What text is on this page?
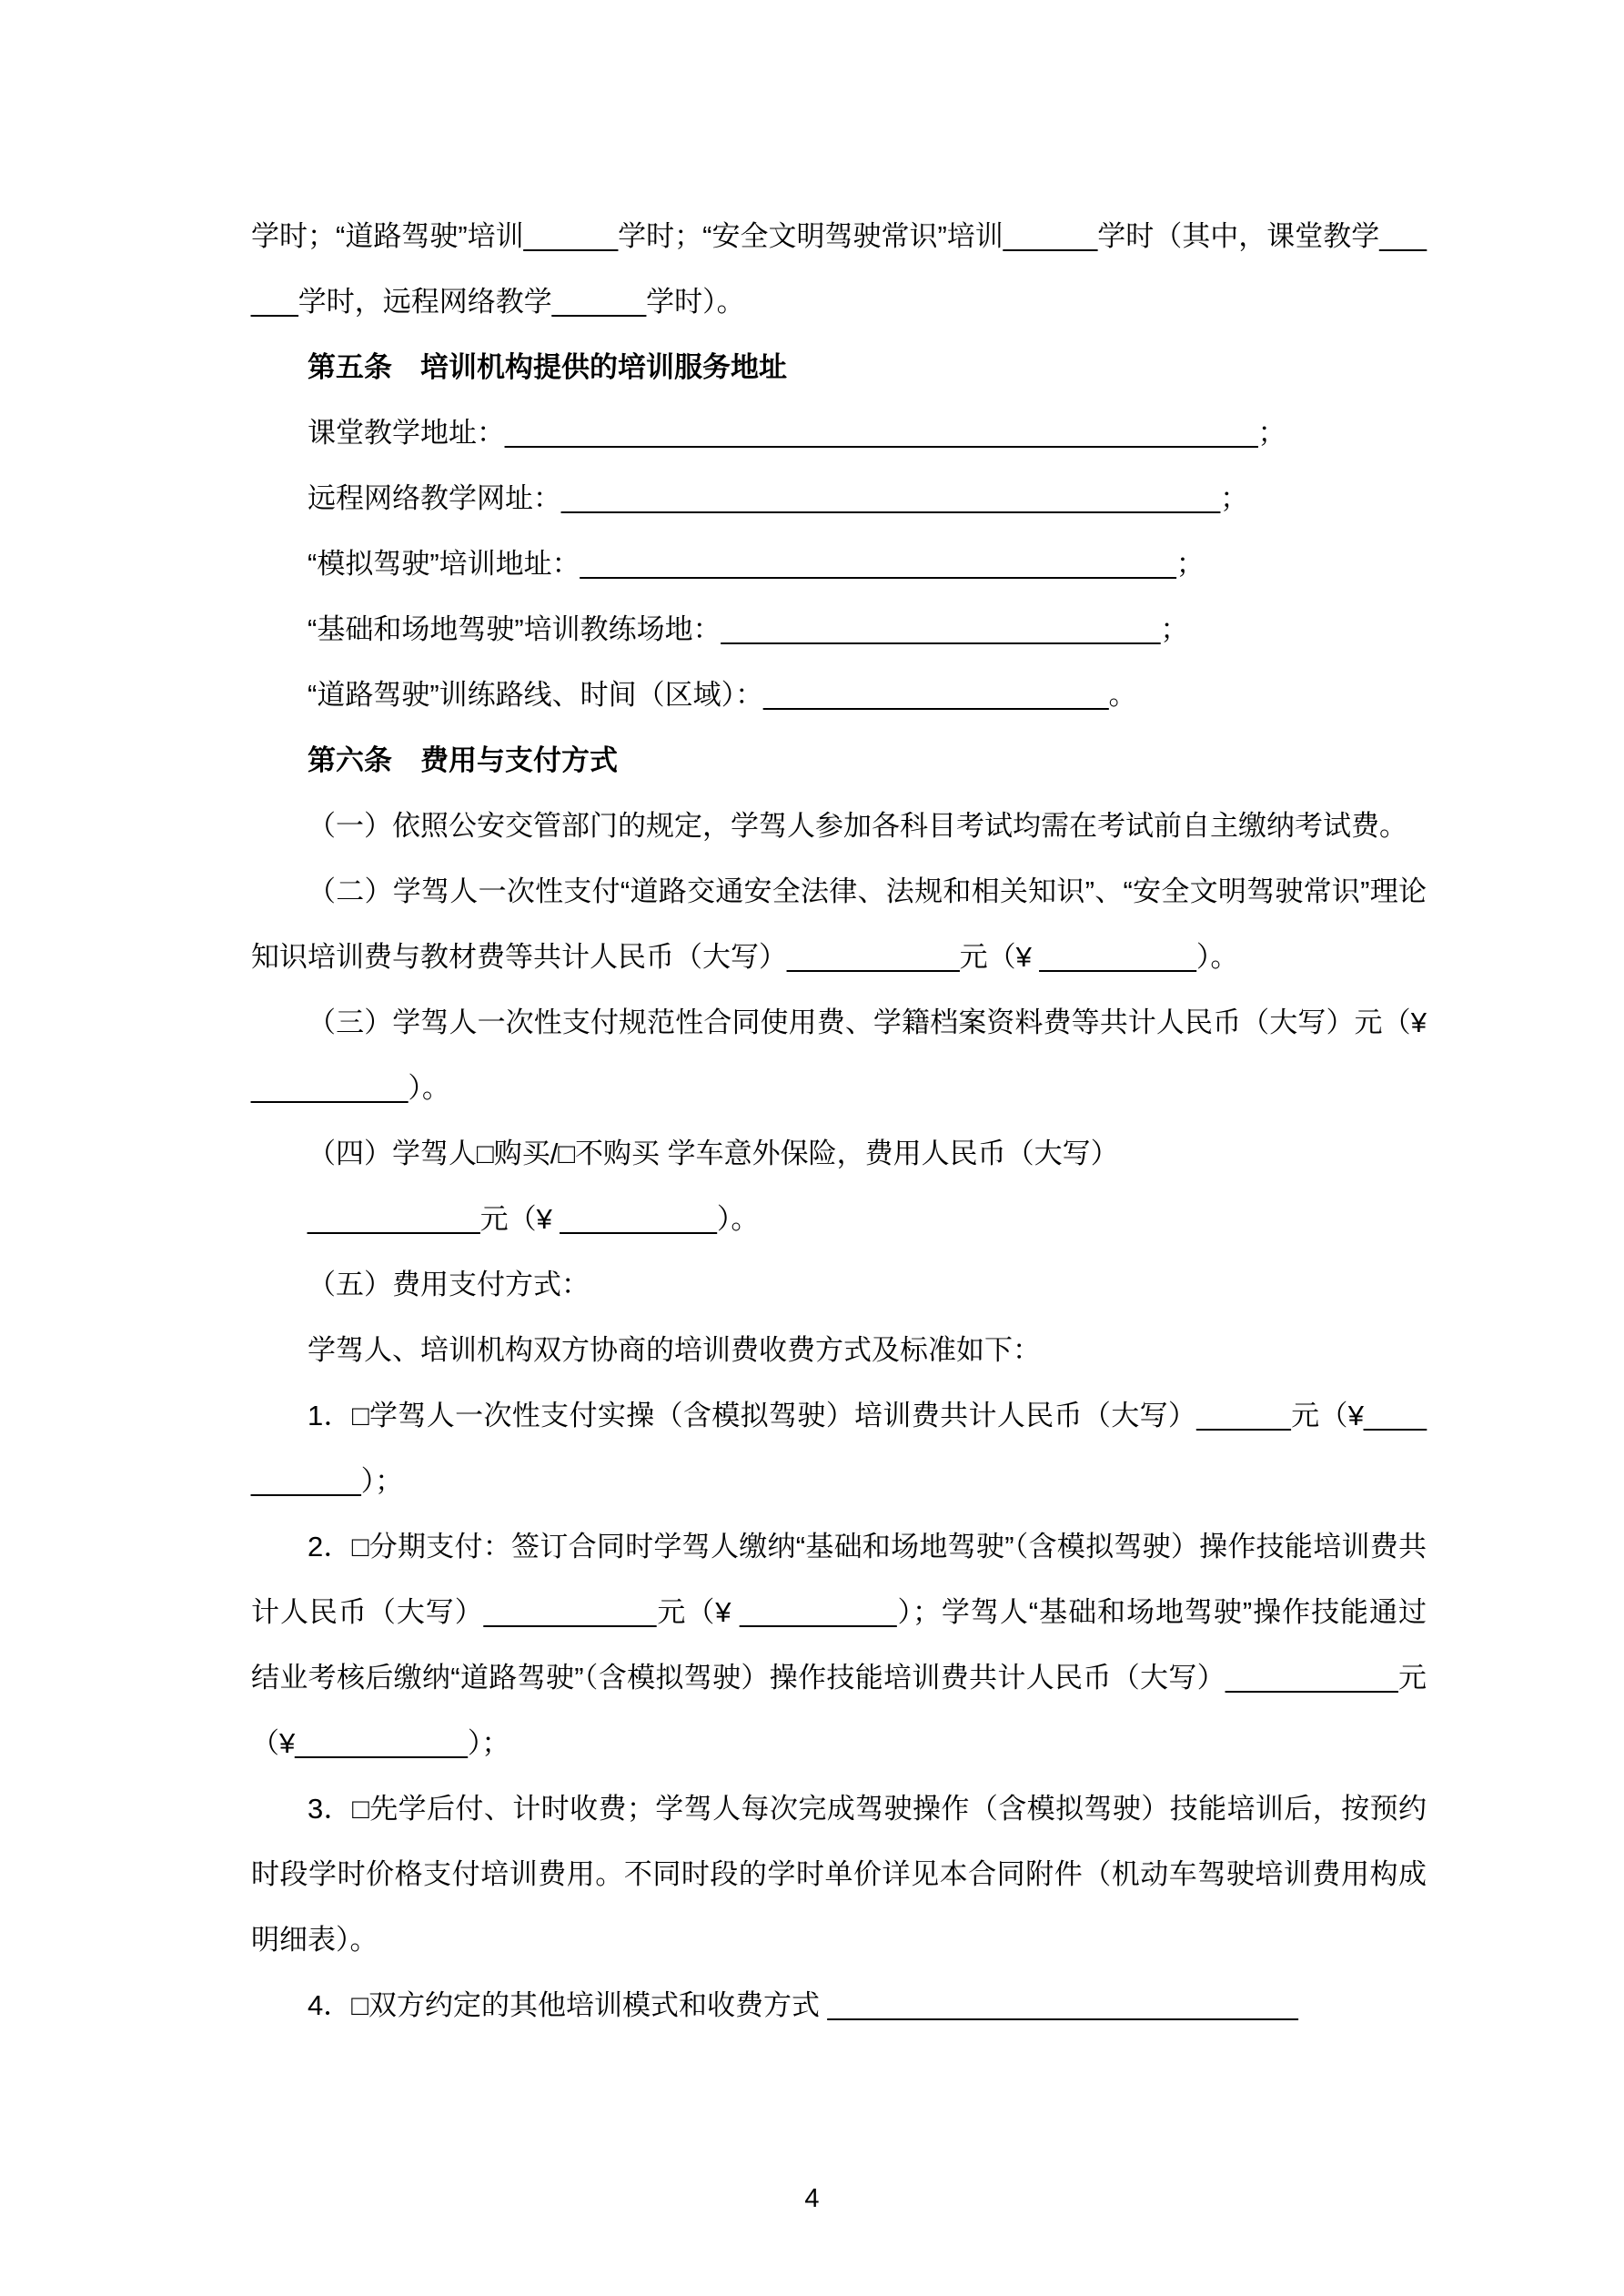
学时；“道路驾驶”培训______学时；“安全文明驾驶常识”培训______学时（其中，课堂教学______学时，远程网络教学______学时）。

第五条　培训机构提供的培训服务地址

课堂教学地址：________________________________________________；

远程网络教学网址：__________________________________________；

“模拟驾驶”培训地址：______________________________________；

“基础和场地驾驶”培训教练场地：____________________________；

“道路驾驶”训练路线、时间（区域）：______________________。

第六条　费用与支付方式

（一）依照公安交管部门的规定，学驾人参加各科目考试均需在考试前自主缴纳考试费。

（二）学驾人一次性支付“道路交通安全法律、法规和相关知识”、“安全文明驾驶常识”理论知识培训费与教材费等共计人民币（大写）___________元（¥ __________）。

（三）学驾人一次性支付规范性合同使用费、学籍档案资料费等共计人民币（大写）元（¥ __________）。

（四）学驾人□购买/□不购买 学车意外保险，费用人民币（大写）

___________元（¥ __________）。

（五）费用支付方式：

学驾人、培训机构双方协商的培训费收费方式及标准如下：

1．□学驾人一次性支付实操（含模拟驾驶）培训费共计人民币（大写）______元（¥___________）；

2．□分期支付：签订合同时学驾人缴纳“基础和场地驾驶”（含模拟驾驶）操作技能培训费共计人民币（大写）___________元（¥ __________）；学驾人“基础和场地驾驶”操作技能通过结业考核后缴纳“道路驾驶”（含模拟驾驶）操作技能培训费共计人民币（大写）___________元（¥___________）；

3．□先学后付、计时收费；学驾人每次完成驾驶操作（含模拟驾驶）技能培训后，按预约时段学时价格支付培训费用。不同时段的学时单价详见本合同附件（机动车驾驶培训费用构成明细表）。

4．□双方约定的其他培训模式和收费方式 ______________________________

4
